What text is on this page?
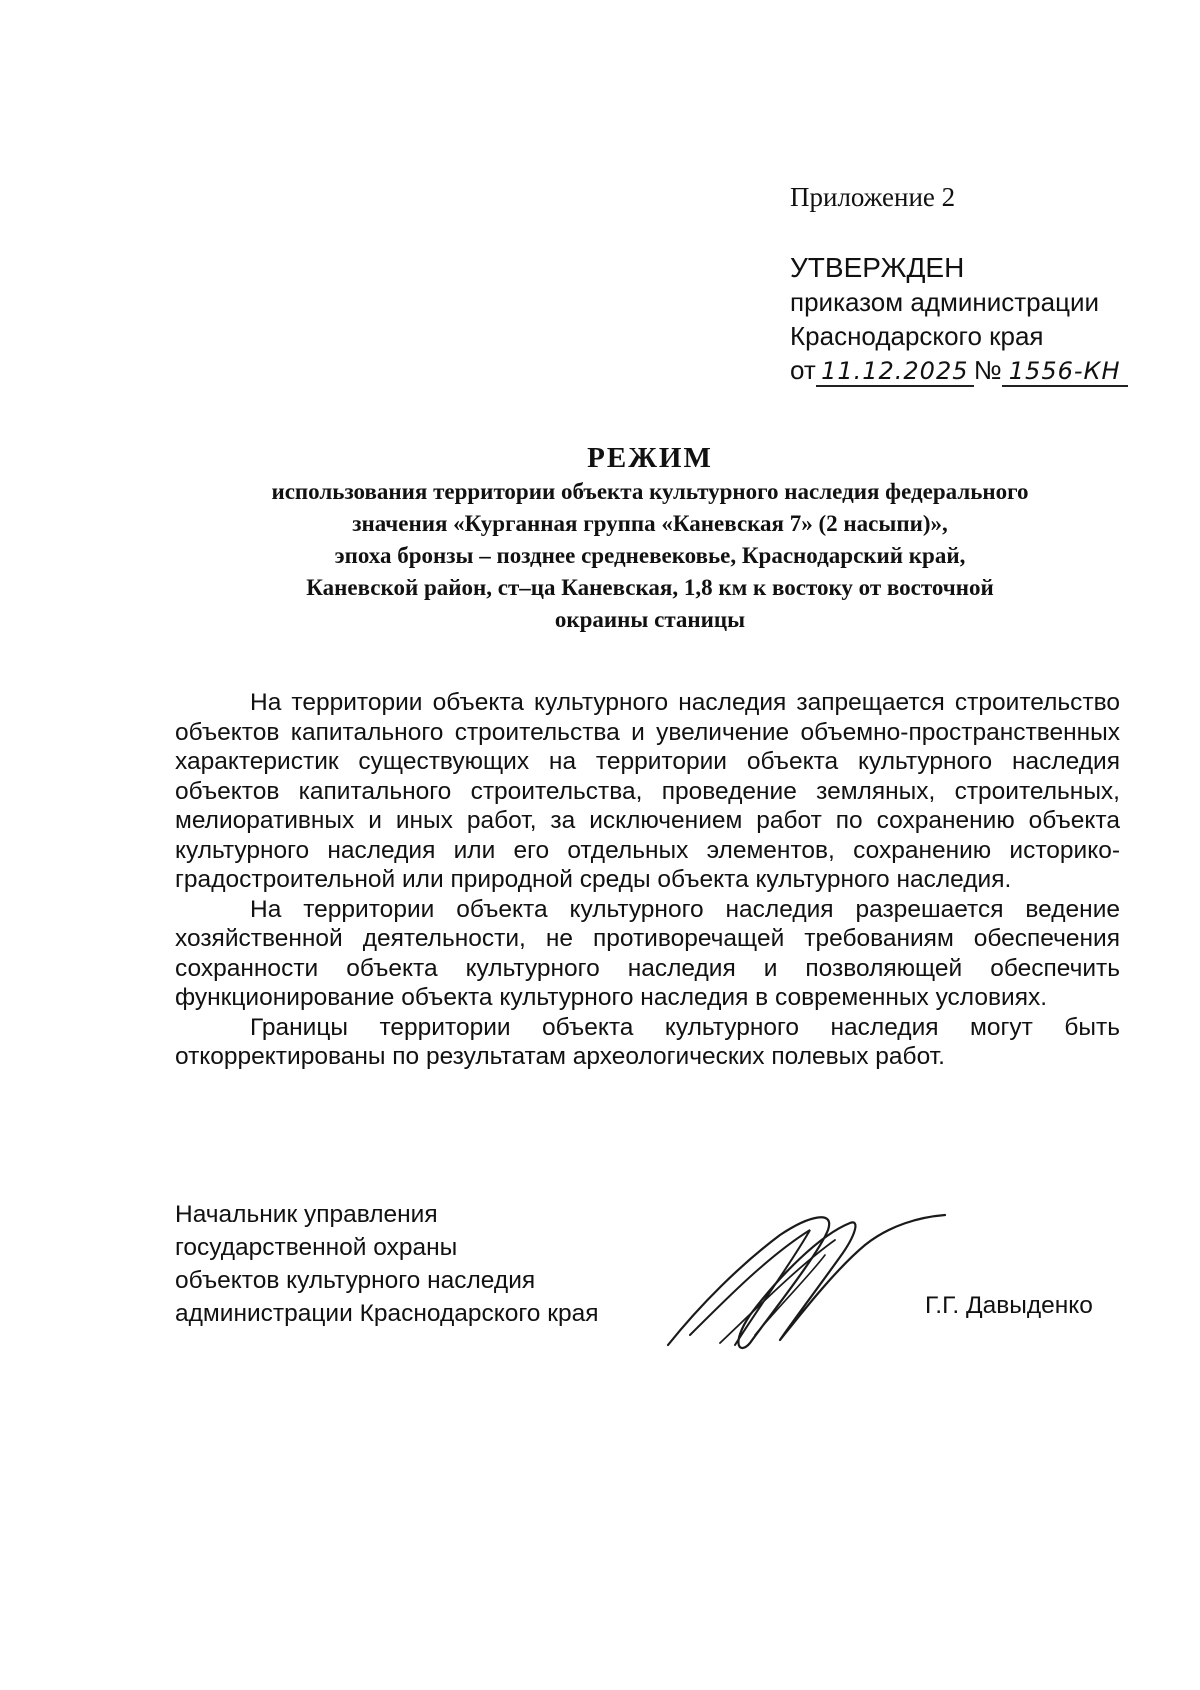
Приложение 2
УТВЕРЖДЕН
приказом администрации
Краснодарского края
от 11.12.2025 № 1556-КН
РЕЖИМ
использования территории объекта культурного наследия федерального
значения «Курганная группа «Каневская 7» (2 насыпи)»,
эпоха бронзы – позднее средневековье, Краснодарский край,
Каневской район, ст–ца Каневская, 1,8 км к востоку от восточной
окраины станицы

На территории объекта культурного наследия запрещается строительство объектов капитального строительства и увеличение объемно-пространственных характеристик существующих на территории объекта культурного наследия объектов капитального строительства, проведение земляных, строительных, мелиоративных и иных работ, за исключением работ по сохранению объекта культурного наследия или его отдельных элементов, сохранению историко-градостроительной или природной среды объекта культурного наследия.

На территории объекта культурного наследия разрешается ведение хозяйственной деятельности, не противоречащей требованиям обеспечения сохранности объекта культурного наследия и позволяющей обеспечить функционирование объекта культурного наследия в современных условиях.

Границы территории объекта культурного наследия могут быть откорректированы по результатам археологических полевых работ.

Начальник управления
государственной охраны
объектов культурного наследия
администрации Краснодарского края	Г.Г. Давыденко
